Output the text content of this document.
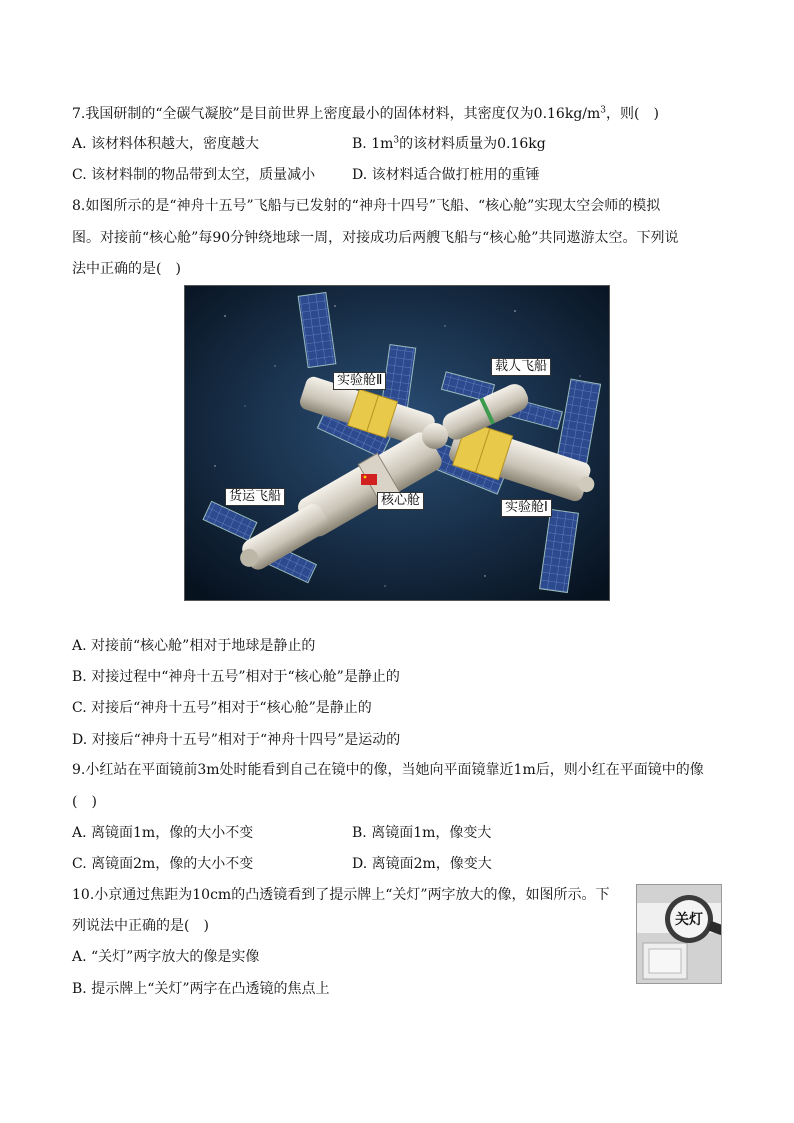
7.我国研制的“全碳气凝胶”是目前世界上密度最小的固体材料，其密度仅为$0.16kg/m^3$，则(　)
A. 该材料体积越大，密度越大	B. $1m^3$的该材料质量为0.16kg
C. 该材料制的物品带到太空，质量减小	D. 该材料适合做打桩用的重锤
8.如图所示的是“神舟十五号”飞船与已发射的“神舟十四号”飞船、“核心舱”实现太空会师的模拟
图。对接前“核心舱”每90分钟绕地球一周，对接成功后两艘飞船与“核心舱”共同遨游太空。下列说
法中正确的是(　)
实验舱Ⅱ
载人飞船
货运飞船	核心舱	实验舱Ⅰ
A. 对接前“核心舱”相对于地球是静止的
B. 对接过程中“神舟十五号”相对于“核心舱”是静止的
C. 对接后“神舟十五号”相对于“核心舱”是静止的
D. 对接后“神舟十五号”相对于“神舟十四号”是运动的
9.小红站在平面镜前3m处时能看到自己在镜中的像，当她向平面镜靠近1m后，则小红在平面镜中的像
(　)
A. 离镜面1m，像的大小不变	B. 离镜面1m，像变大
C. 离镜面2m，像的大小不变	D. 离镜面2m，像变大
10.小京通过焦距为10cm的凸透镜看到了提示牌上“关灯”两字放大的像，如图所示。下
列说法中正确的是(　)
A. “关灯”两字放大的像是实像
B. 提示牌上“关灯”两字在凸透镜的焦点上
关灯
